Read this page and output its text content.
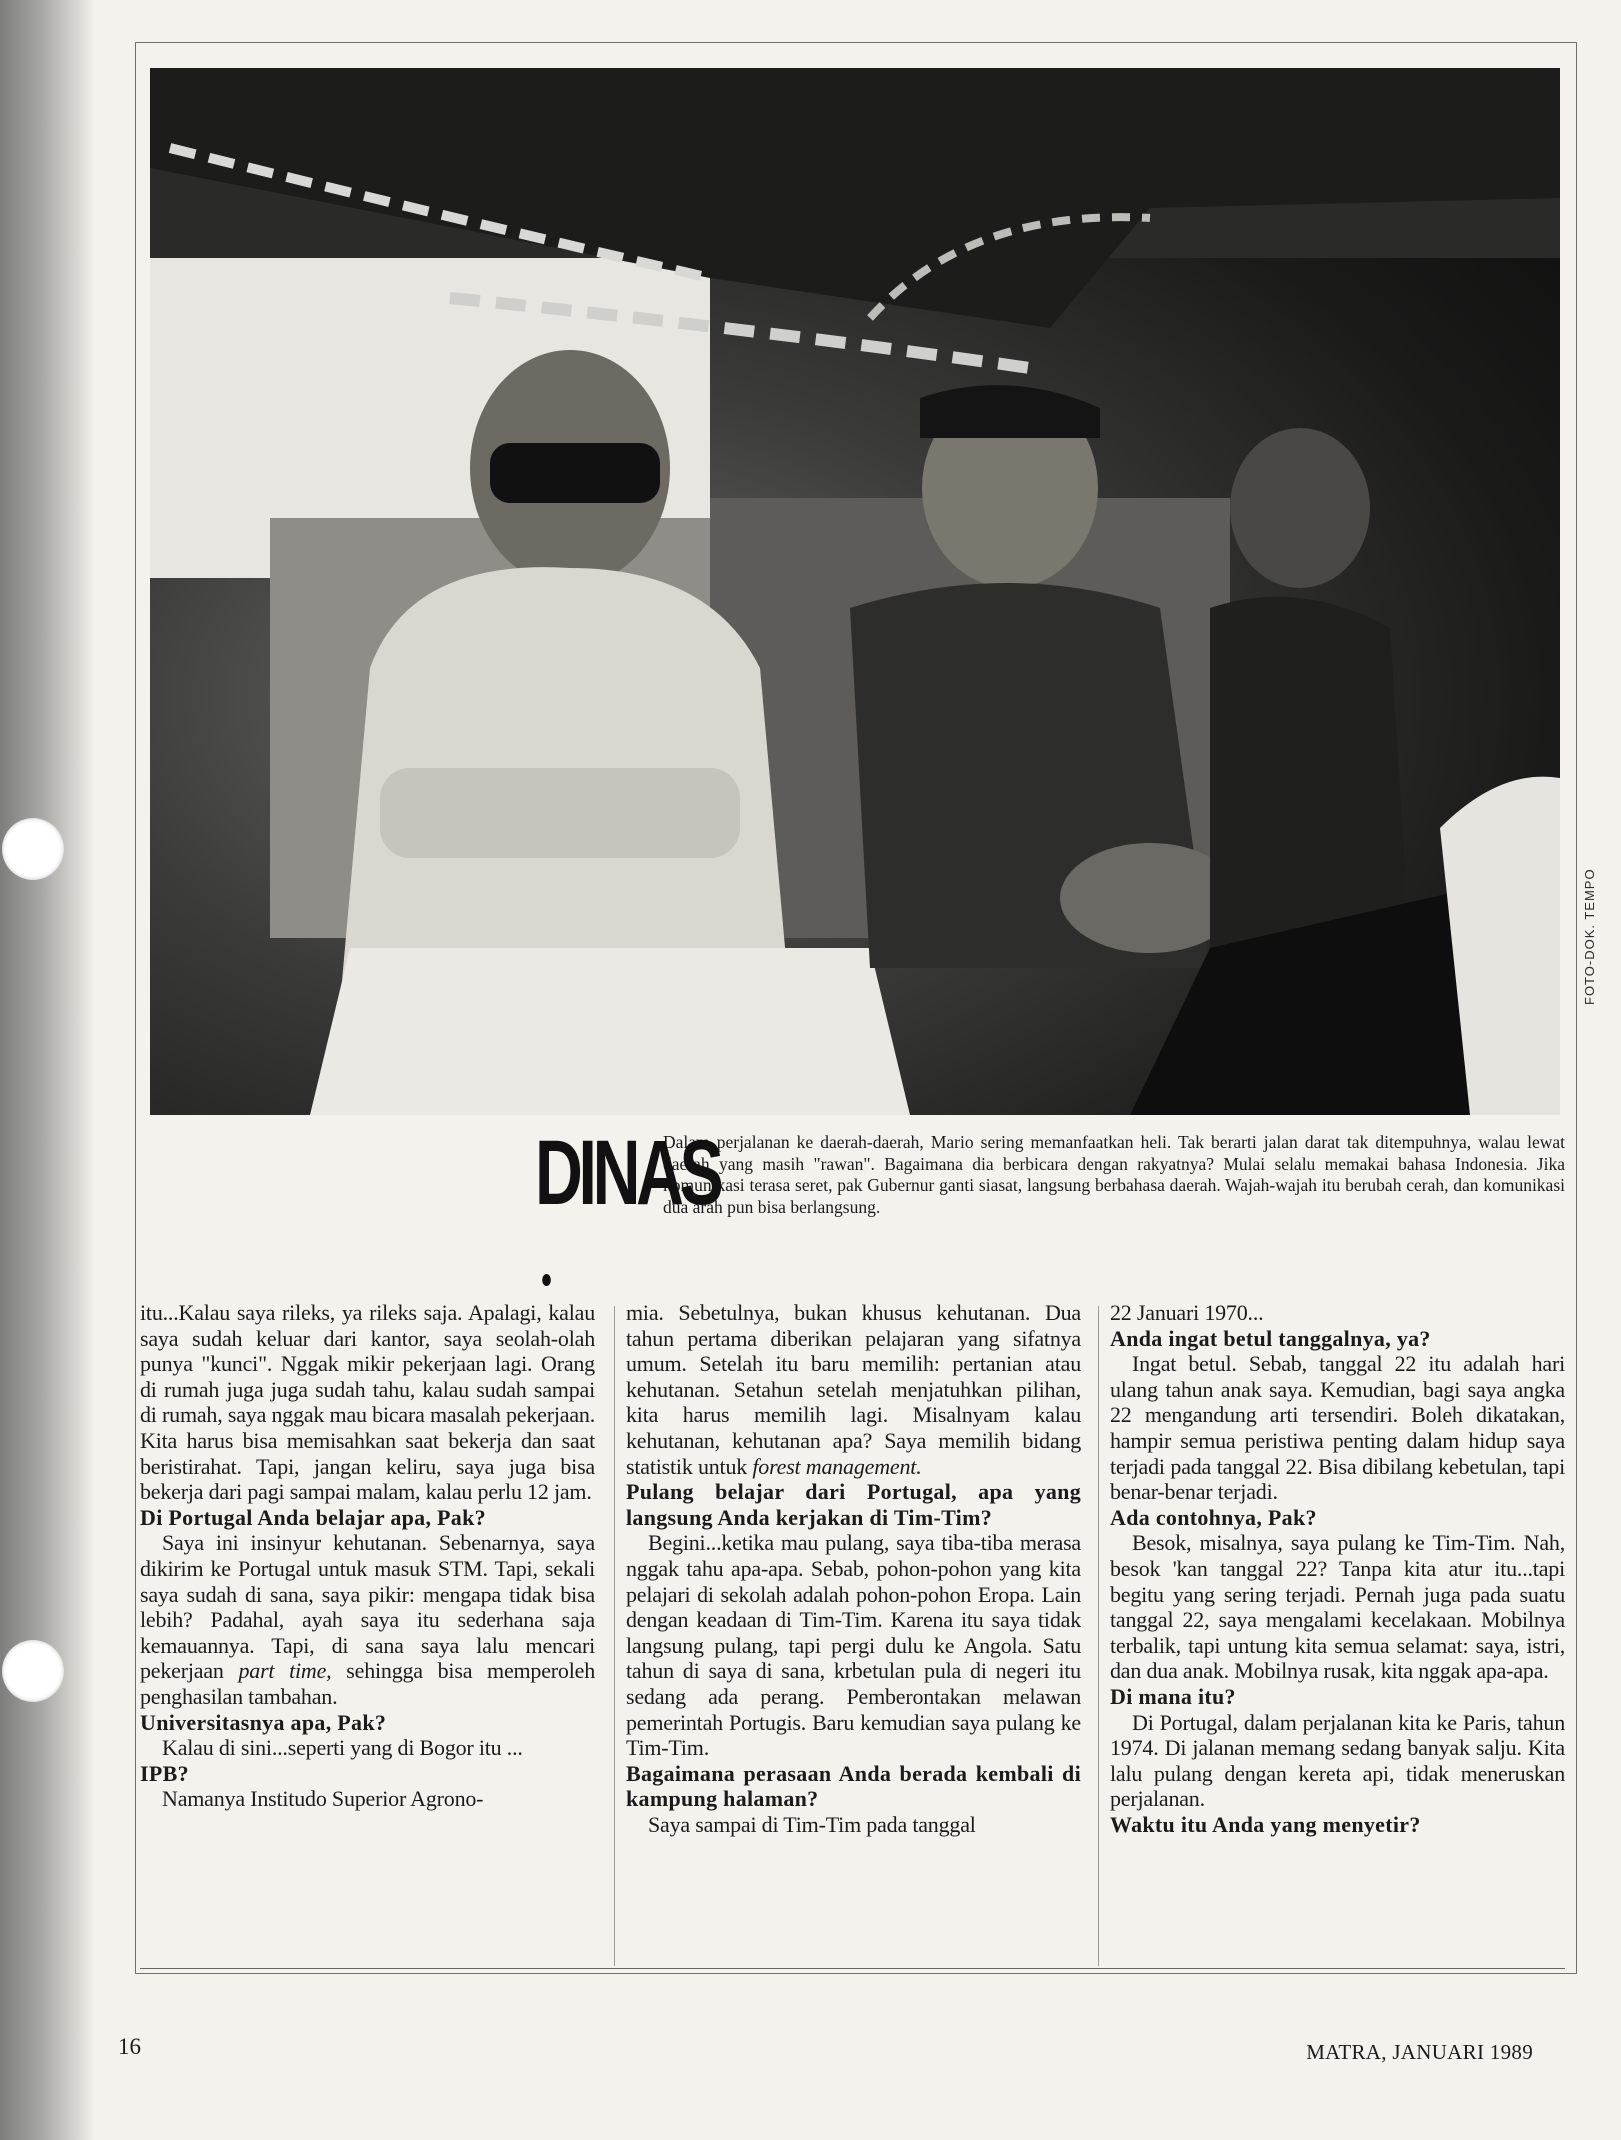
FOTO-DOK. TEMPO
DINAS
Dalam perjalanan ke daerah-daerah, Mario sering memanfaatkan heli. Tak berarti jalan darat tak ditempuhnya, walau lewat daerah yang masih "rawan". Bagaimana dia berbicara dengan rakyatnya? Mulai selalu memakai bahasa Indonesia. Jika komunikasi terasa seret, pak Gubernur ganti siasat, langsung berbahasa daerah. Wajah-wajah itu berubah cerah, dan komunikasi dua arah pun bisa berlangsung.

itu...Kalau saya rileks, ya rileks saja. Apalagi, kalau saya sudah keluar dari kantor, saya seolah-olah punya "kunci". Nggak mikir pekerjaan lagi. Orang di rumah juga juga sudah tahu, kalau sudah sampai di rumah, saya nggak mau bicara masalah pekerjaan. Kita harus bisa memisahkan saat bekerja dan saat beristirahat. Tapi, jangan keliru, saya juga bisa bekerja dari pagi sampai malam, kalau perlu 12 jam.

Di Portugal Anda belajar apa, Pak?

Saya ini insinyur kehutanan. Sebenarnya, saya dikirim ke Portugal untuk masuk STM. Tapi, sekali saya sudah di sana, saya pikir: mengapa tidak bisa lebih? Padahal, ayah saya itu sederhana saja kemauannya. Tapi, di sana saya lalu mencari pekerjaan part time, sehingga bisa memperoleh penghasilan tambahan.

Universitasnya apa, Pak?

Kalau di sini...seperti yang di Bogor itu ...

IPB?

Namanya Institudo Superior Agrono-

mia. Sebetulnya, bukan khusus kehutanan. Dua tahun pertama diberikan pelajaran yang sifatnya umum. Setelah itu baru memilih: pertanian atau kehutanan. Setahun setelah menjatuhkan pilihan, kita harus memilih lagi. Misalnyam kalau kehutanan, kehutanan apa? Saya memilih bidang statistik untuk forest management.

Pulang belajar dari Portugal, apa yang langsung Anda kerjakan di Tim-Tim?

Begini...ketika mau pulang, saya tiba-tiba merasa nggak tahu apa-apa. Sebab, pohon-pohon yang kita pelajari di sekolah adalah pohon-pohon Eropa. Lain dengan keadaan di Tim-Tim. Karena itu saya tidak langsung pulang, tapi pergi dulu ke Angola. Satu tahun di saya di sana, krbetulan pula di negeri itu sedang ada perang. Pemberontakan melawan pemerintah Portugis. Baru kemudian saya pulang ke Tim-Tim.

Bagaimana perasaan Anda berada kembali di kampung halaman?

Saya sampai di Tim-Tim pada tanggal

22 Januari 1970...

Anda ingat betul tanggalnya, ya?

Ingat betul. Sebab, tanggal 22 itu adalah hari ulang tahun anak saya. Kemudian, bagi saya angka 22 mengandung arti tersendiri. Boleh dikatakan, hampir semua peristiwa penting dalam hidup saya terjadi pada tanggal 22. Bisa dibilang kebetulan, tapi benar-benar terjadi.

Ada contohnya, Pak?

Besok, misalnya, saya pulang ke Tim-Tim. Nah, besok 'kan tanggal 22? Tanpa kita atur itu...tapi begitu yang sering terjadi. Pernah juga pada suatu tanggal 22, saya mengalami kecelakaan. Mobilnya terbalik, tapi untung kita semua selamat: saya, istri, dan dua anak. Mobilnya rusak, kita nggak apa-apa.

Di mana itu?

Di Portugal, dalam perjalanan kita ke Paris, tahun 1974. Di jalanan memang sedang banyak salju. Kita lalu pulang dengan kereta api, tidak meneruskan perjalanan.

Waktu itu Anda yang menyetir?

16	MATRA, JANUARI 1989
